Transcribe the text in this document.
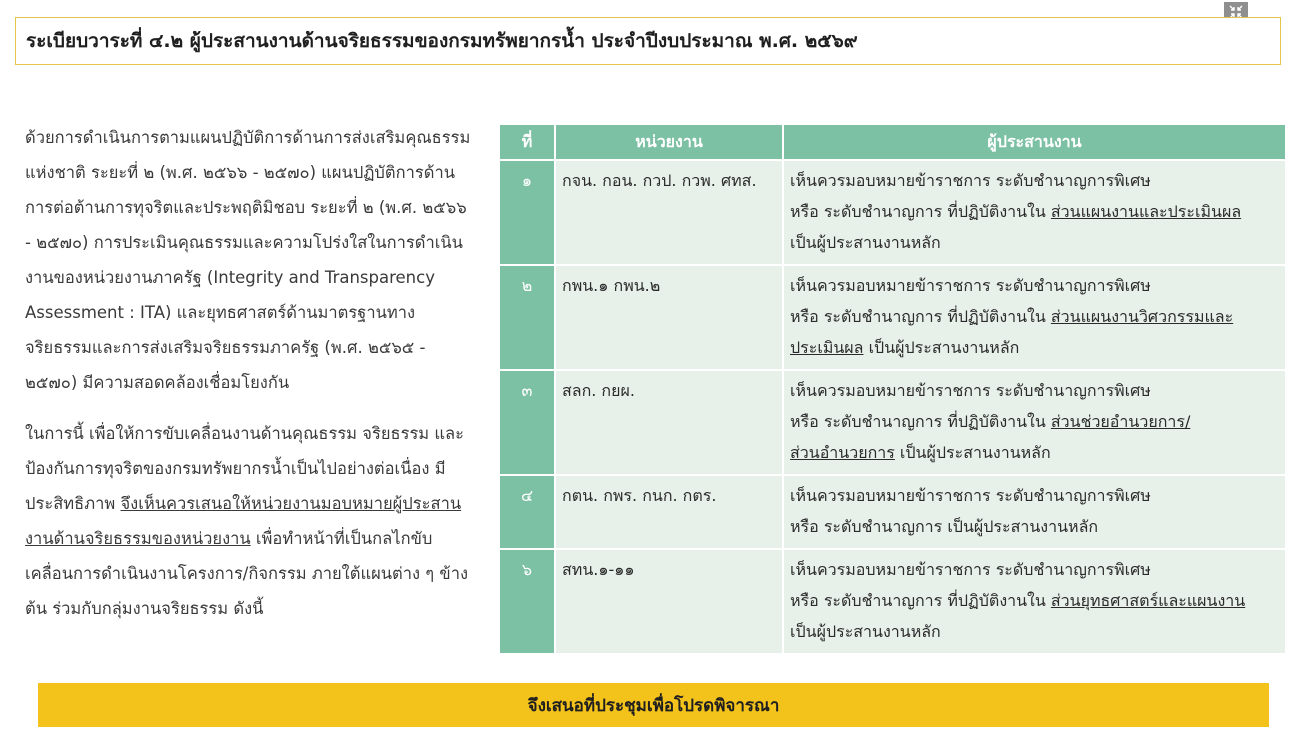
ระเบียบวาระที่ ๔.๒ ผู้ประสานงานด้านจริยธรรมของกรมทรัพยากรน้ำ ประจำปีงบประมาณ พ.ศ. ๒๕๖๙

ด้วยการดำเนินการตามแผนปฏิบัติการด้านการส่งเสริมคุณธรรมแห่งชาติ ระยะที่ ๒ (พ.ศ. ๒๕๖๖ - ๒๕๗๐) แผนปฏิบัติการด้านการต่อต้านการทุจริตและประพฤติมิชอบ ระยะที่ ๒ (พ.ศ. ๒๕๖๖ - ๒๕๗๐) การประเมินคุณธรรมและความโปร่งใสในการดำเนินงานของหน่วยงานภาครัฐ (Integrity and Transparency Assessment : ITA) และยุทธศาสตร์ด้านมาตรฐานทางจริยธรรมและการส่งเสริมจริยธรรมภาครัฐ (พ.ศ. ๒๕๖๕ - ๒๕๗๐) มีความสอดคล้องเชื่อมโยงกัน

ในการนี้ เพื่อให้การขับเคลื่อนงานด้านคุณธรรม จริยธรรม และป้องกันการทุจริตของกรมทรัพยากรน้ำเป็นไปอย่างต่อเนื่อง มีประสิทธิภาพ จึงเห็นควรเสนอให้หน่วยงานมอบหมายผู้ประสานงานด้านจริยธรรมของหน่วยงาน เพื่อทำหน้าที่เป็นกลไกขับเคลื่อนการดำเนินงานโครงการ/กิจกรรม ภายใต้แผนต่าง ๆ ข้างต้น ร่วมกับกลุ่มงานจริยธรรม ดังนี้

ที่	หน่วยงาน	ผู้ประสานงาน
๑	กจน. กอน. กวป. กวพ. ศทส.	เห็นควรมอบหมายข้าราชการ ระดับชำนาญการพิเศษ
หรือ ระดับชำนาญการ ที่ปฏิบัติงานใน ส่วนแผนงานและประเมินผล
เป็นผู้ประสานงานหลัก

๒	กพน.๑ กพน.๒	เห็นควรมอบหมายข้าราชการ ระดับชำนาญการพิเศษ
หรือ ระดับชำนาญการ ที่ปฏิบัติงานใน ส่วนแผนงานวิศวกรรมและ
ประเมินผล เป็นผู้ประสานงานหลัก

๓	สลก. กยผ.	เห็นควรมอบหมายข้าราชการ ระดับชำนาญการพิเศษ
หรือ ระดับชำนาญการ ที่ปฏิบัติงานใน ส่วนช่วยอำนวยการ/
ส่วนอำนวยการ เป็นผู้ประสานงานหลัก

๔	กตน. กพร. กนก. กตร.	เห็นควรมอบหมายข้าราชการ ระดับชำนาญการพิเศษ
หรือ ระดับชำนาญการ เป็นผู้ประสานงานหลัก

๖	สทน.๑-๑๑	เห็นควรมอบหมายข้าราชการ ระดับชำนาญการพิเศษ
หรือ ระดับชำนาญการ ที่ปฏิบัติงานใน ส่วนยุทธศาสตร์และแผนงาน
เป็นผู้ประสานงานหลัก
จึงเสนอที่ประชุมเพื่อโปรดพิจารณา
